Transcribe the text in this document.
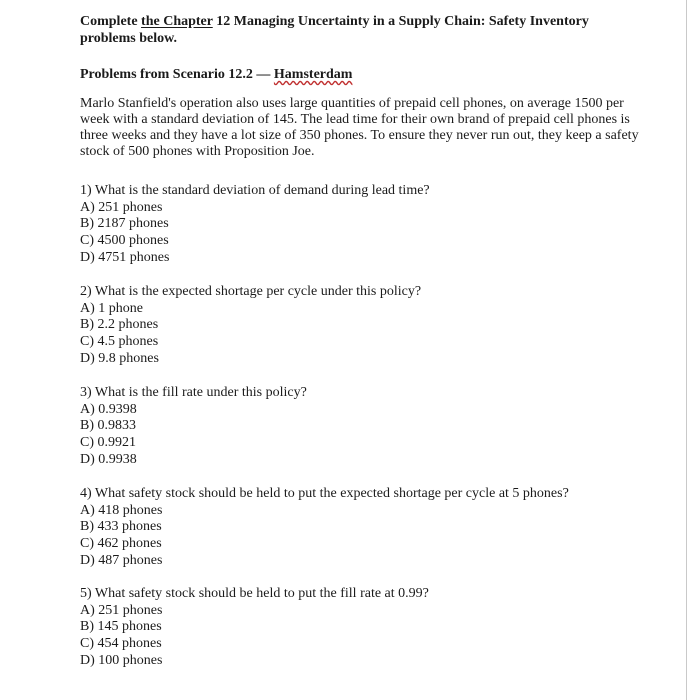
Complete the Chapter 12 Managing Uncertainty in a Supply Chain: Safety Inventory problems below.
Problems from Scenario 12.2 — Hamsterdam
Marlo Stanfield's operation also uses large quantities of prepaid cell phones, on average 1500 per week with a standard deviation of 145. The lead time for their own brand of prepaid cell phones is three weeks and they have a lot size of 350 phones. To ensure they never run out, they keep a safety stock of 500 phones with Proposition Joe.

1) What is the standard deviation of demand during lead time?

A) 251 phones

B) 2187 phones

C) 4500 phones

D) 4751 phones

2) What is the expected shortage per cycle under this policy?

A) 1 phone

B) 2.2 phones

C) 4.5 phones

D) 9.8 phones

3) What is the fill rate under this policy?

A) 0.9398

B) 0.9833

C) 0.9921

D) 0.9938

4) What safety stock should be held to put the expected shortage per cycle at 5 phones?

A) 418 phones

B) 433 phones

C) 462 phones

D) 487 phones

5) What safety stock should be held to put the fill rate at 0.99?

A) 251 phones

B) 145 phones

C) 454 phones

D) 100 phones
